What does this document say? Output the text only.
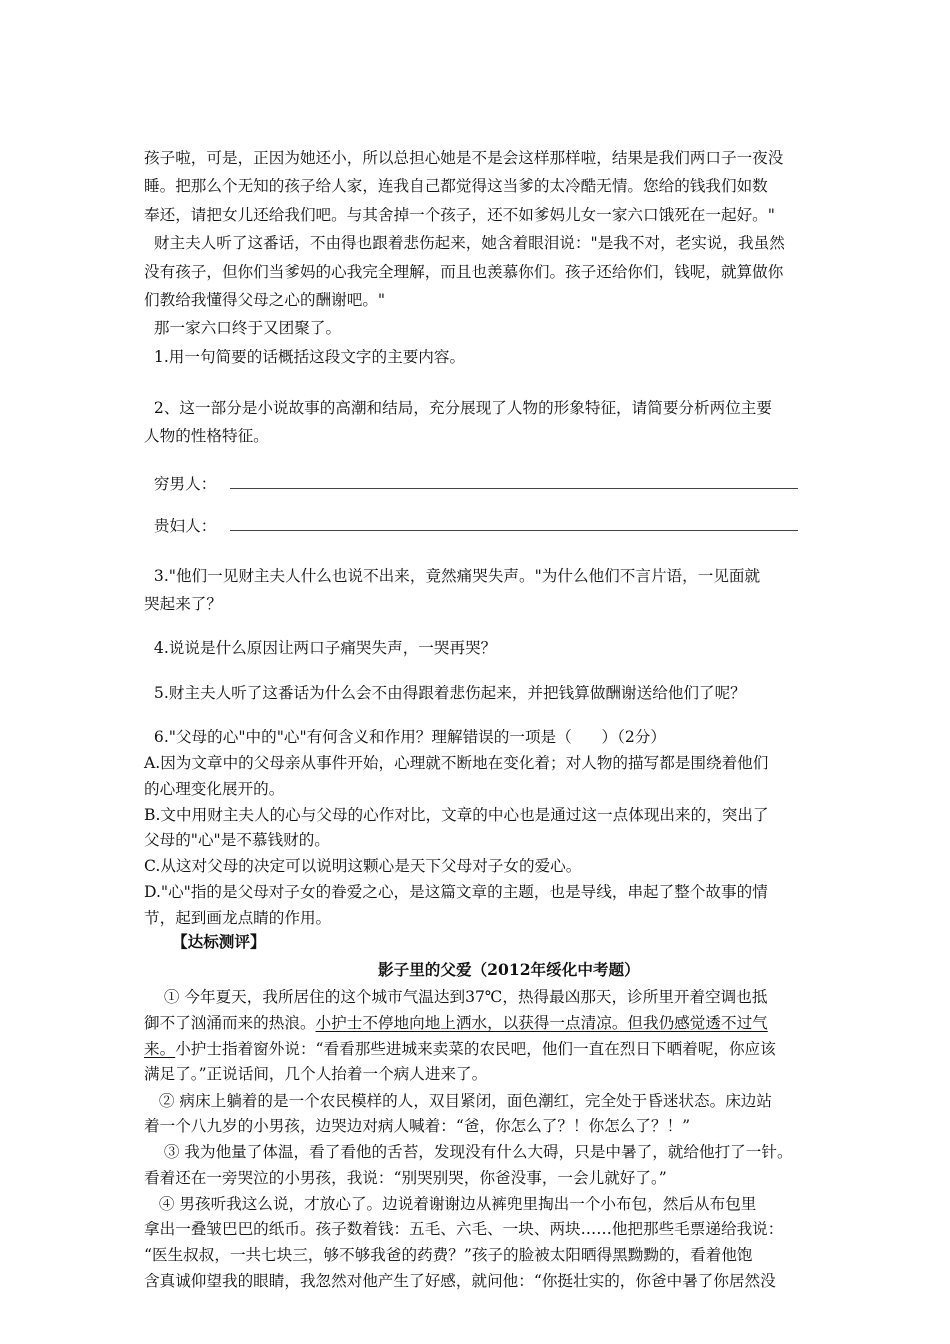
孩子啦，可是，正因为她还小，所以总担心她是不是会这样那样啦，结果是我们两口子一夜没
睡。把那么个无知的孩子给人家，连我自己都觉得这当爹的太冷酷无情。您给的钱我们如数
奉还，请把女儿还给我们吧。与其舍掉一个孩子，还不如爹妈儿女一家六口饿死在一起好。"
财主夫人听了这番话，不由得也跟着悲伤起来，她含着眼泪说："是我不对，老实说，我虽然
没有孩子，但你们当爹妈的心我完全理解，而且也羡慕你们。孩子还给你们，钱呢，就算做你
们教给我懂得父母之心的酬谢吧。"
那一家六口终于又团聚了。
1.用一句简要的话概括这段文字的主要内容。
2、这一部分是小说故事的高潮和结局，充分展现了人物的形象特征，请简要分析两位主要
人物的性格特征。
穷男人：
贵妇人：
3."他们一见财主夫人什么也说不出来，竟然痛哭失声。"为什么他们不言片语，一见面就
哭起来了？
4.说说是什么原因让两口子痛哭失声，一哭再哭？
5.财主夫人听了这番话为什么会不由得跟着悲伤起来，并把钱算做酬谢送给他们了呢？
6."父母的心"中的"心"有何含义和作用？理解错误的一项是（      ）（2分）
A.因为文章中的父母亲从事件开始，心理就不断地在变化着；对人物的描写都是围绕着他们
的心理变化展开的。
B.文中用财主夫人的心与父母的心作对比，文章的中心也是通过这一点体现出来的，突出了
父母的"心"是不慕钱财的。
C.从这对父母的决定可以说明这颗心是天下父母对子女的爱心。
D."心"指的是父母对子女的眷爱之心，是这篇文章的主题，也是导线，串起了整个故事的情
节，起到画龙点睛的作用。
【达标测评】
影子里的父爱（2012年绥化中考题）
① 今年夏天，我所居住的这个城市气温达到37℃，热得最凶那天，诊所里开着空调也抵
御不了汹涌而来的热浪。小护士不停地向地上洒水，以获得一点清凉。但我仍感觉透不过气
来。小护士指着窗外说：“看看那些进城来卖菜的农民吧，他们一直在烈日下晒着呢，你应该
满足了。”正说话间，几个人抬着一个病人进来了。
② 病床上躺着的是一个农民模样的人，双目紧闭，面色潮红，完全处于昏迷状态。床边站
着一个八九岁的小男孩，边哭边对病人喊着：“爸，你怎么了？！你怎么了？！”
③ 我为他量了体温，看了看他的舌苔，发现没有什么大碍，只是中暑了，就给他打了一针。
看着还在一旁哭泣的小男孩，我说：“别哭别哭，你爸没事，一会儿就好了。”
④ 男孩听我这么说，才放心了。边说着谢谢边从裤兜里掏出一个小布包，然后从布包里
拿出一叠皱巴巴的纸币。孩子数着钱：五毛、六毛、一块、两块……他把那些毛票递给我说：
“医生叔叔，一共七块三，够不够我爸的药费？”孩子的脸被太阳晒得黑黝黝的，看着他饱
含真诚仰望我的眼睛，我忽然对他产生了好感，就问他：“你挺壮实的，你爸中暑了你居然没
